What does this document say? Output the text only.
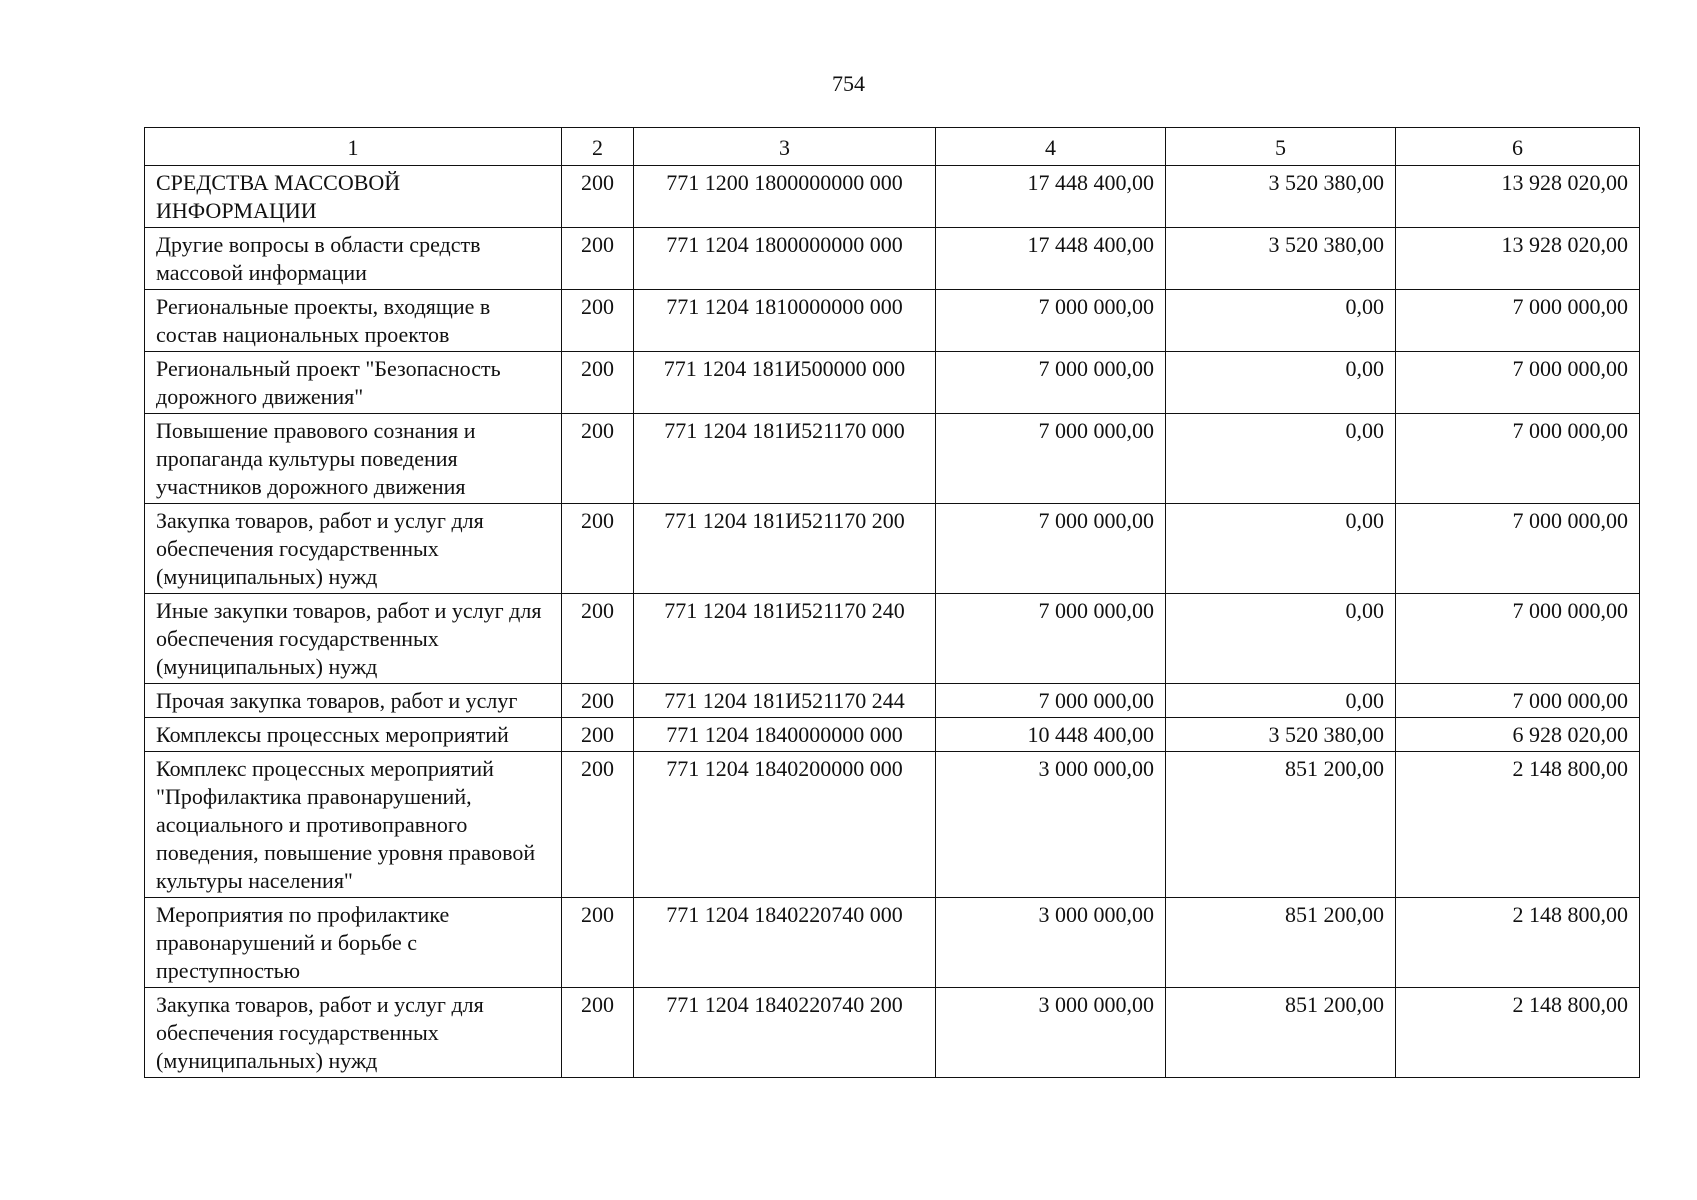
754
1	2	3	4	5	6
СРЕДСТВА МАССОВОЙ ИНФОРМАЦИИ	200	771 1200 1800000000 000	17 448 400,00	3 520 380,00	13 928 020,00
Другие вопросы в области средств массовой информации	200	771 1204 1800000000 000	17 448 400,00	3 520 380,00	13 928 020,00
Региональные проекты, входящие в состав национальных проектов	200	771 1204 1810000000 000	7 000 000,00	0,00	7 000 000,00
Региональный проект "Безопасность дорожного движения"	200	771 1204 181И500000 000	7 000 000,00	0,00	7 000 000,00
Повышение правового сознания и пропаганда культуры поведения участников дорожного движения	200	771 1204 181И521170 000	7 000 000,00	0,00	7 000 000,00
Закупка товаров, работ и услуг для обеспечения государственных (муниципальных) нужд	200	771 1204 181И521170 200	7 000 000,00	0,00	7 000 000,00
Иные закупки товаров, работ и услуг для обеспечения государственных (муниципальных) нужд	200	771 1204 181И521170 240	7 000 000,00	0,00	7 000 000,00
Прочая закупка товаров, работ и услуг	200	771 1204 181И521170 244	7 000 000,00	0,00	7 000 000,00
Комплексы процессных мероприятий	200	771 1204 1840000000 000	10 448 400,00	3 520 380,00	6 928 020,00
Комплекс процессных мероприятий "Профилактика правонарушений, асоциального и противоправного поведения, повышение уровня правовой культуры населения"	200	771 1204 1840200000 000	3 000 000,00	851 200,00	2 148 800,00
Мероприятия по профилактике правонарушений и борьбе с преступностью	200	771 1204 1840220740 000	3 000 000,00	851 200,00	2 148 800,00
Закупка товаров, работ и услуг для обеспечения государственных (муниципальных) нужд	200	771 1204 1840220740 200	3 000 000,00	851 200,00	2 148 800,00
